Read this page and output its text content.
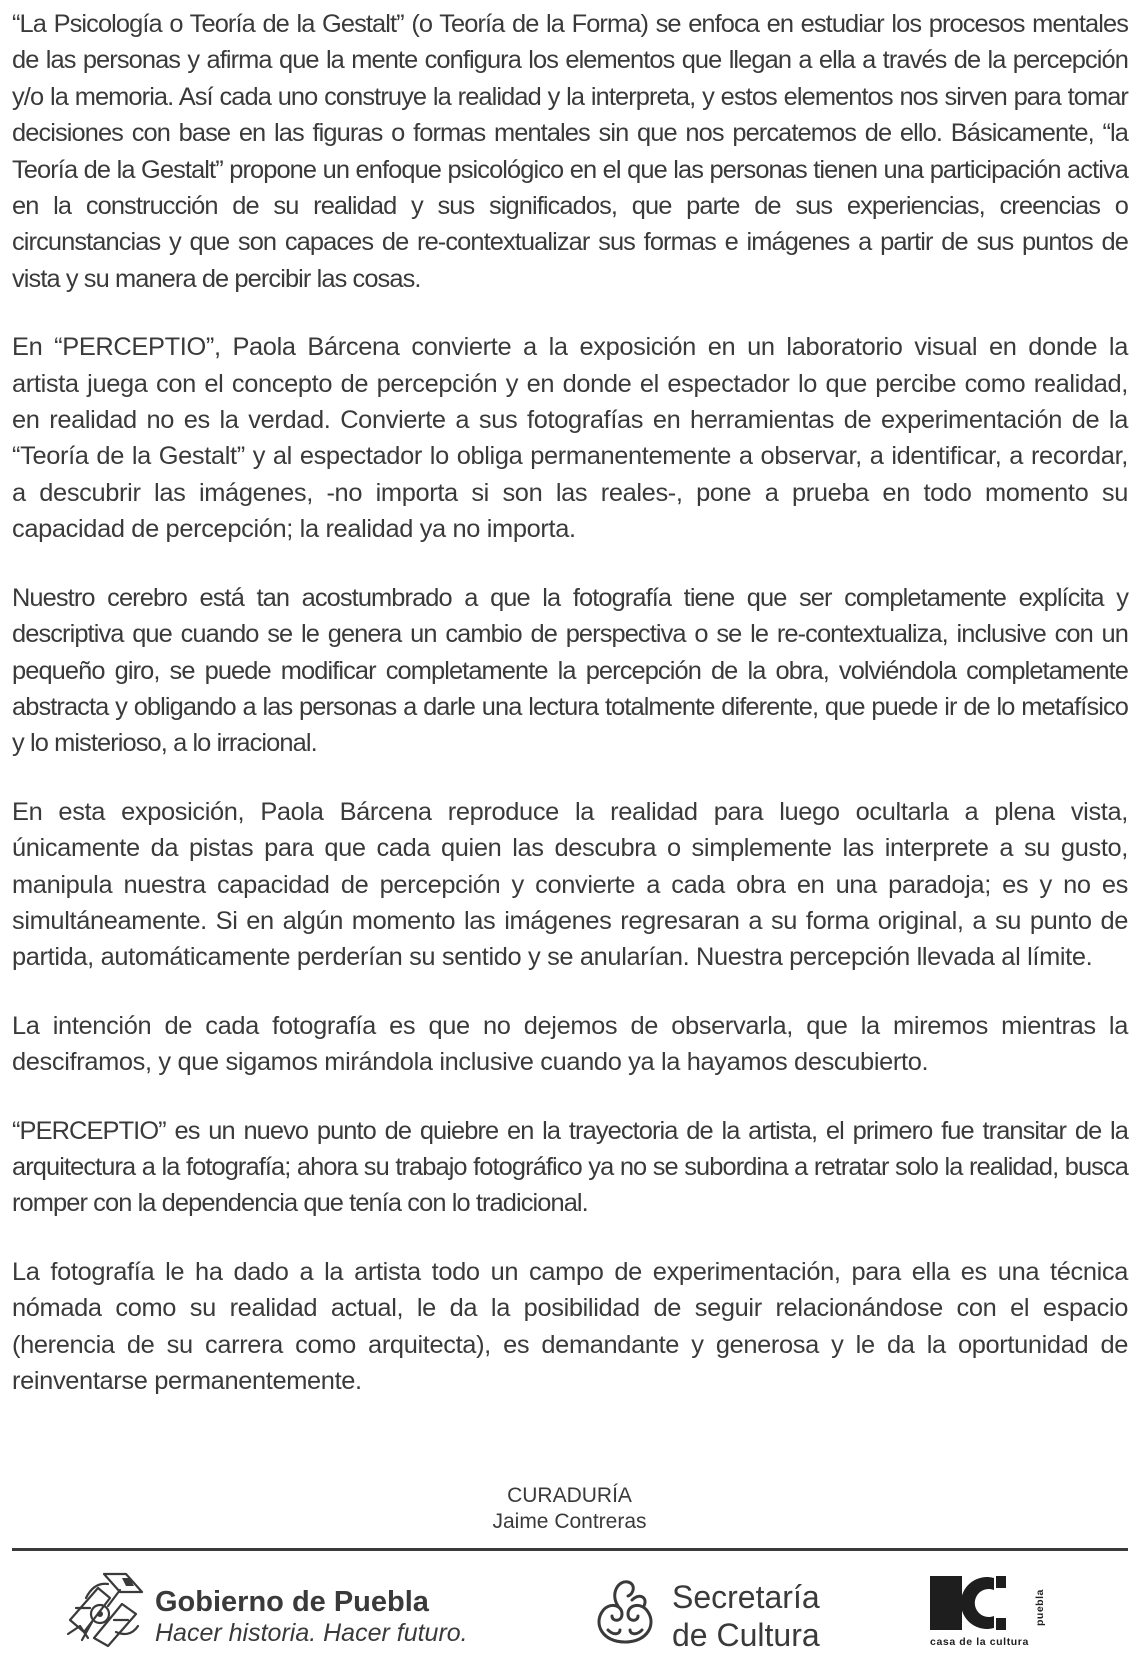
“La Psicología o Teoría de la Gestalt” (o Teoría de la Forma) se enfoca en estudiar los procesos mentales de las personas y afirma que la mente configura los elementos que llegan a ella a través de la percepción y/o la memoria. Así cada uno construye la realidad y la interpreta, y estos elementos nos sirven para tomar decisiones con base en las figuras o formas mentales sin que nos percatemos de ello. Básicamente, “la Teoría de la Gestalt” propone un enfoque psicológico en el que las personas tienen una participación activa en la construcción de su realidad y sus significados, que parte de sus experiencias, creencias o circunstancias y que son capaces de re-contextualizar sus formas e imágenes a partir de sus puntos de vista y su manera de percibir las cosas.

En “PERCEPTIO”, Paola Bárcena convierte a la exposición en un laboratorio visual en donde la artista juega con el concepto de percepción y en donde el espectador lo que percibe como realidad, en realidad no es la verdad. Convierte a sus fotografías en herramientas de experimentación de la “Teoría de la Gestalt” y al espectador lo obliga permanentemente a observar, a identificar, a recordar, a descubrir las imágenes, -no importa si son las reales-, pone a prueba en todo momento su capacidad de percepción; la realidad ya no importa.

Nuestro cerebro está tan acostumbrado a que la fotografía tiene que ser completamente explícita y descriptiva que cuando se le genera un cambio de perspectiva o se le re-contextualiza, inclusive con un pequeño giro, se puede modificar completamente la percepción de la obra, volviéndola completamente abstracta y obligando a las personas a darle una lectura totalmente diferente, que puede ir de lo metafísico y lo misterioso, a lo irracional.

En esta exposición, Paola Bárcena reproduce la realidad para luego ocultarla a plena vista, únicamente da pistas para que cada quien las descubra o simplemente las interprete a su gusto, manipula nuestra capacidad de percepción y convierte a cada obra en una paradoja; es y no es simultáneamente. Si en algún momento las imágenes regresaran a su forma original, a su punto de partida, automáticamente perderían su sentido y se anularían. Nuestra percepción llevada al límite.

La intención de cada fotografía es que no dejemos de observarla, que la miremos mientras la desciframos, y que sigamos mirándola inclusive cuando ya la hayamos descubierto.

“PERCEPTIO” es un nuevo punto de quiebre en la trayectoria de la artista, el primero fue transitar de la arquitectura a la fotografía; ahora su trabajo fotográfico ya no se subordina a retratar solo la realidad, busca romper con la dependencia que tenía con lo tradicional.

La fotografía le ha dado a la artista todo un campo de experimentación, para ella es una técnica nómada como su realidad actual, le da la posibilidad de seguir relacionándose con el espacio (herencia de su carrera como arquitecta), es demandante y generosa y le da la oportunidad de reinventarse permanentemente.

CURADURÍA
Jaime Contreras
Gobierno de Puebla
Hacer historia. Hacer futuro.
Secretaría
de Cultura	casa de la cultura
puebla
